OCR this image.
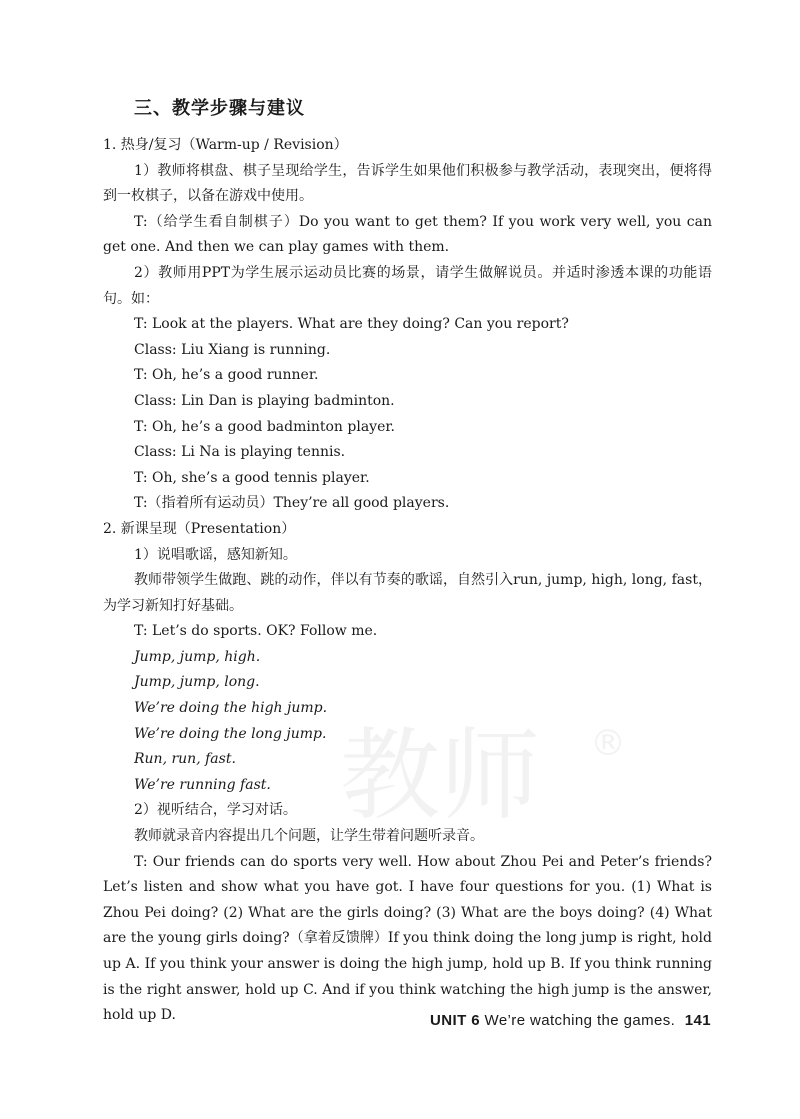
三、教学步骤与建议

1. 热身/复习（Warm-up / Revision）

1）教师将棋盘、棋子呈现给学生，告诉学生如果他们积极参与教学活动，表现突出，便将得到一枚棋子，以备在游戏中使用。

T:（给学生看自制棋子）Do you want to get them? If you work very well, you can get one. And then we can play games with them.

2）教师用PPT为学生展示运动员比赛的场景，请学生做解说员。并适时渗透本课的功能语句。如：

T: Look at the players. What are they doing? Can you report?

Class: Liu Xiang is running.

T: Oh, he’s a good runner.

Class: Lin Dan is playing badminton.

T: Oh, he’s a good badminton player.

Class: Li Na is playing tennis.

T: Oh, she’s a good tennis player.

T:（指着所有运动员）They’re all good players.

2. 新课呈现（Presentation）

1）说唱歌谣，感知新知。

教师带领学生做跑、跳的动作，伴以有节奏的歌谣，自然引入run, jump, high, long, fast，为学习新知打好基础。

T: Let’s do sports. OK? Follow me.

Jump, jump, high.

Jump, jump, long.

We’re doing the high jump.

We’re doing the long jump.

Run, run, fast.

We’re running fast.

2）视听结合，学习对话。

教师就录音内容提出几个问题，让学生带着问题听录音。

T: Our friends can do sports very well. How about Zhou Pei and Peter’s friends? Let’s listen and show what you have got. I have four questions for you. (1) What is Zhou Pei doing? (2) What are the girls doing? (3) What are the boys doing? (4) What are the young girls doing?（拿着反馈牌）If you think doing the long jump is right, hold up A. If you think your answer is doing the high jump, hold up B. If you think running is the right answer, hold up C. And if you think watching the high jump is the answer, hold up D.

教师 ®
UNIT 6 We’re watching the games. 141
